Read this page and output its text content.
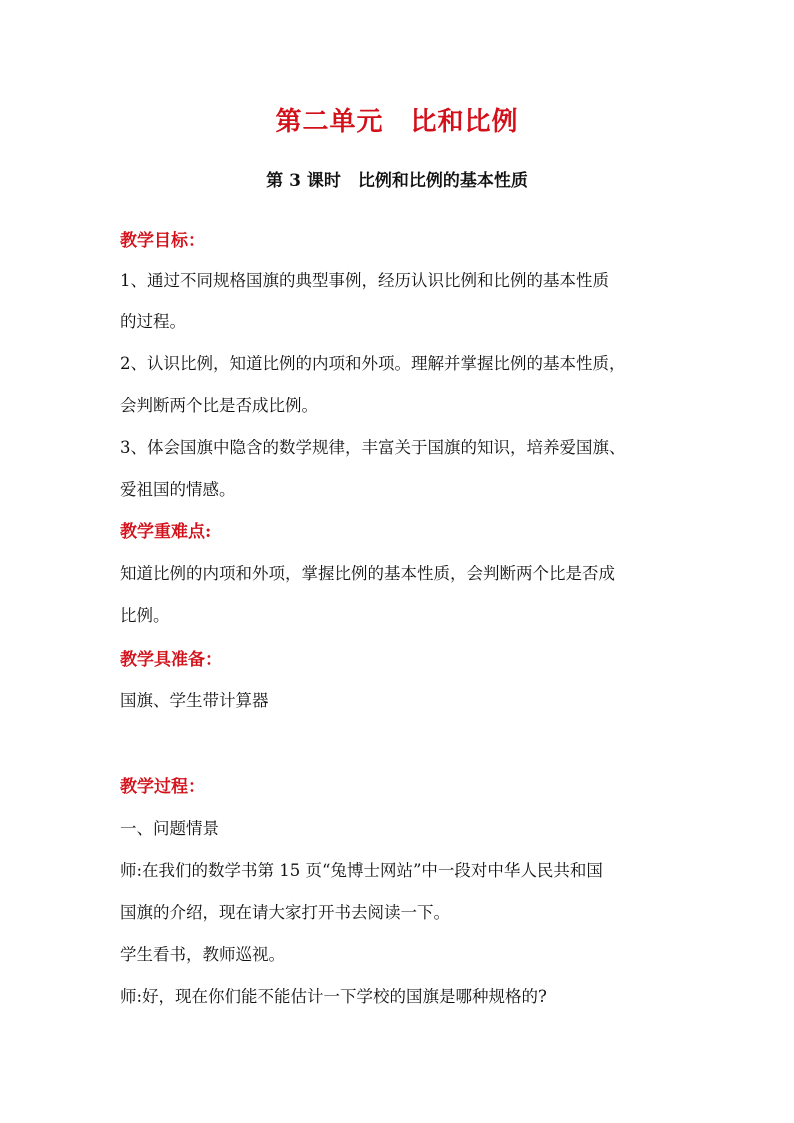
第二单元　比和比例
第 3 课时　比例和比例的基本性质
教学目标：
1、通过不同规格国旗的典型事例，经历认识比例和比例的基本性质
的过程。
2、认识比例，知道比例的内项和外项。理解并掌握比例的基本性质，
会判断两个比是否成比例。
3、体会国旗中隐含的数学规律，丰富关于国旗的知识，培养爱国旗、
爱祖国的情感。
教学重难点:
知道比例的内项和外项，掌握比例的基本性质，会判断两个比是否成
比例。
教学具准备：
国旗、学生带计算器
教学过程：
一、问题情景
师:在我们的数学书第 15 页“兔博士网站”中一段对中华人民共和国
国旗的介绍，现在请大家打开书去阅读一下。
学生看书，教师巡视。
师:好，现在你们能不能估计一下学校的国旗是哪种规格的?
